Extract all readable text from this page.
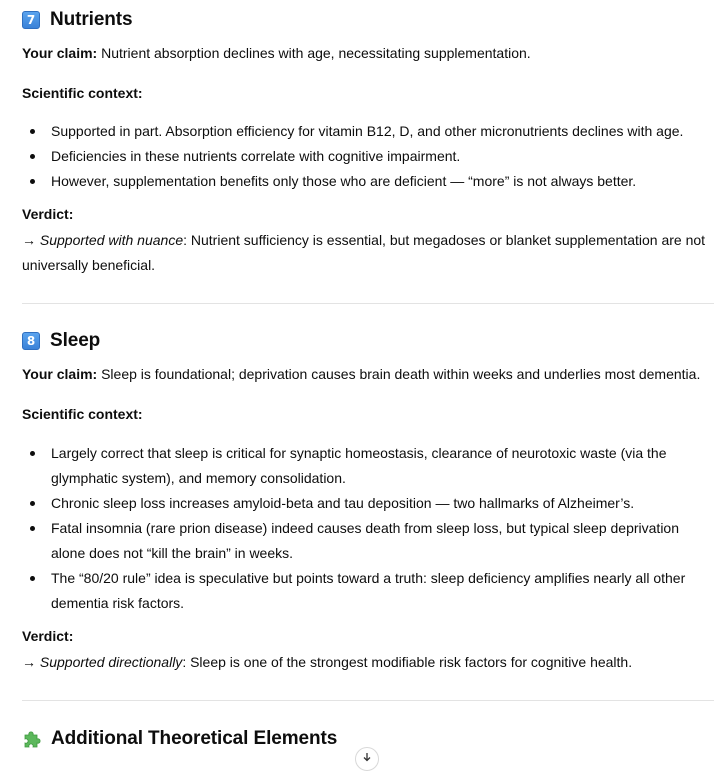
7 Nutrients
Your claim: Nutrient absorption declines with age, necessitating supplementation.
Scientific context:
Supported in part. Absorption efficiency for vitamin B12, D, and other micronutrients declines with age.
Deficiencies in these nutrients correlate with cognitive impairment.
However, supplementation benefits only those who are deficient — “more” is not always better.
Verdict:
→ Supported with nuance: Nutrient sufficiency is essential, but megadoses or blanket supplementation are not universally beneficial.
8 Sleep
Your claim: Sleep is foundational; deprivation causes brain death within weeks and underlies most dementia.
Scientific context:
Largely correct that sleep is critical for synaptic homeostasis, clearance of neurotoxic waste (via the glymphatic system), and memory consolidation.
Chronic sleep loss increases amyloid-beta and tau deposition — two hallmarks of Alzheimer’s.
Fatal insomnia (rare prion disease) indeed causes death from sleep loss, but typical sleep deprivation alone does not “kill the brain” in weeks.
The “80/20 rule” idea is speculative but points toward a truth: sleep deficiency amplifies nearly all other dementia risk factors.
Verdict:
→ Supported directionally: Sleep is one of the strongest modifiable risk factors for cognitive health.
Additional Theoretical Elements
